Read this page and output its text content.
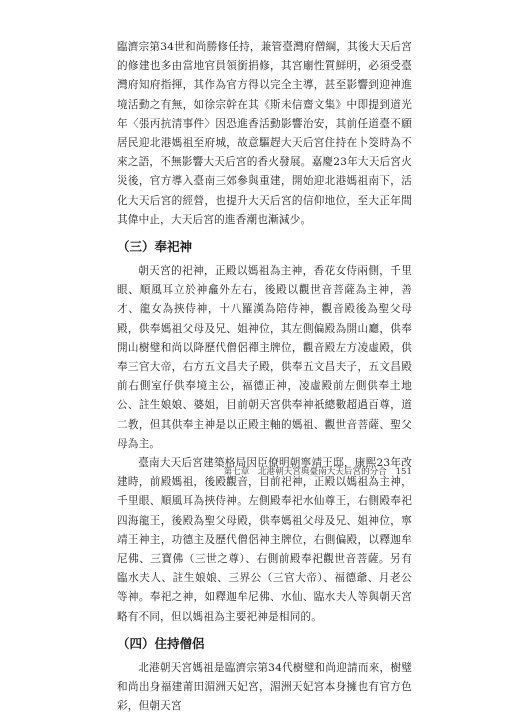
臨濟宗第34世和尚勝修任持，兼管臺灣府僧綱，其後大天后宮的修建也多由當地官員領銜捐修，其宮廟性質鮮明，必須受臺灣府知府指揮，其作為官方得以完全主導，甚至影響到迎神進境活動之有無，如徐宗幹在其《斯未信齋文集》中即提到道光年〈張丙抗清事件〉因恐進香活動影響治安，其前任道臺不願居民迎北港媽祖至府城，故意驅趕大天后宮住持在卜筊時為不來之語，不無影響大天后宮的香火發展。嘉慶23年大天后宮火災後，官方導入臺南三郊參與重建，開始迎北港媽祖南下，活化大天后宮的經營，也提升大天后宮的信仰地位，至大正年間其偉中止，大天后宮的進香潮也漸減少。

（三）奉祀神

朝天宮的祀神，正殿以媽祖為主神，香花女侍兩側，千里眼、順風耳立於神龕外左右，後殿以觀世音菩薩為主神，善才、龍女為挾侍神，十八羅漢為陪侍神，觀音殿後為聖父母殿，供奉媽祖父母及兄、姐神位，其左側偏殿為開山廳，供奉開山樹璧和尚以降歷代僧侶禪主牌位，觀音殿左方凌虛殿，供奉三官大帝，右方五文昌夫子殿，供奉五文昌夫子，五文昌殿前右側室仔供奉境主公，福德正神，凌虛殿前左側供奉土地公、註生娘娘、婆姐，目前朝天宮供奉神祇總數超過百尊，道二教，但其供奉主神是以正殿主軸的媽祖、觀世音菩薩、聖父母為主。

臺南大天后宮建築格局因臣僚明朝寧靖王邸，康熙23年改建時，前殿媽祖，後殿觀音，目前祀神，正殿以媽祖為主神，千里眼、順風耳為挾侍神。左側殿奉祀水仙尊王，右側殿奉祀四海龍王，後殿為聖父母殿，供奉媽祖父母及兄、姐神位，寧靖王神主，功德主及歷代僧侶神主牌位，右側偏殿，以釋迦牟尼佛、三寶佛（三世之尊）、右側前殿奉祀觀世音菩薩。另有臨水夫人、註生娘娘、三界公（三官大帝）、福德爺、月老公等神。奉祀之神，如釋迦牟尼佛、水仙、臨水夫人等與朝天宮略有不同，但以媽祖為主要祀神是相同的。

（四）住持僧侶

北港朝天宮媽祖是臨濟宗第34代樹璧和尚迎請而來，樹璧和尚出身福建莆田湄洲天妃宮，湄洲天妃宮本身擁也有官方色彩，但朝天宮

第七章　北港朝天宮與臺南大天后宮的分合 151
